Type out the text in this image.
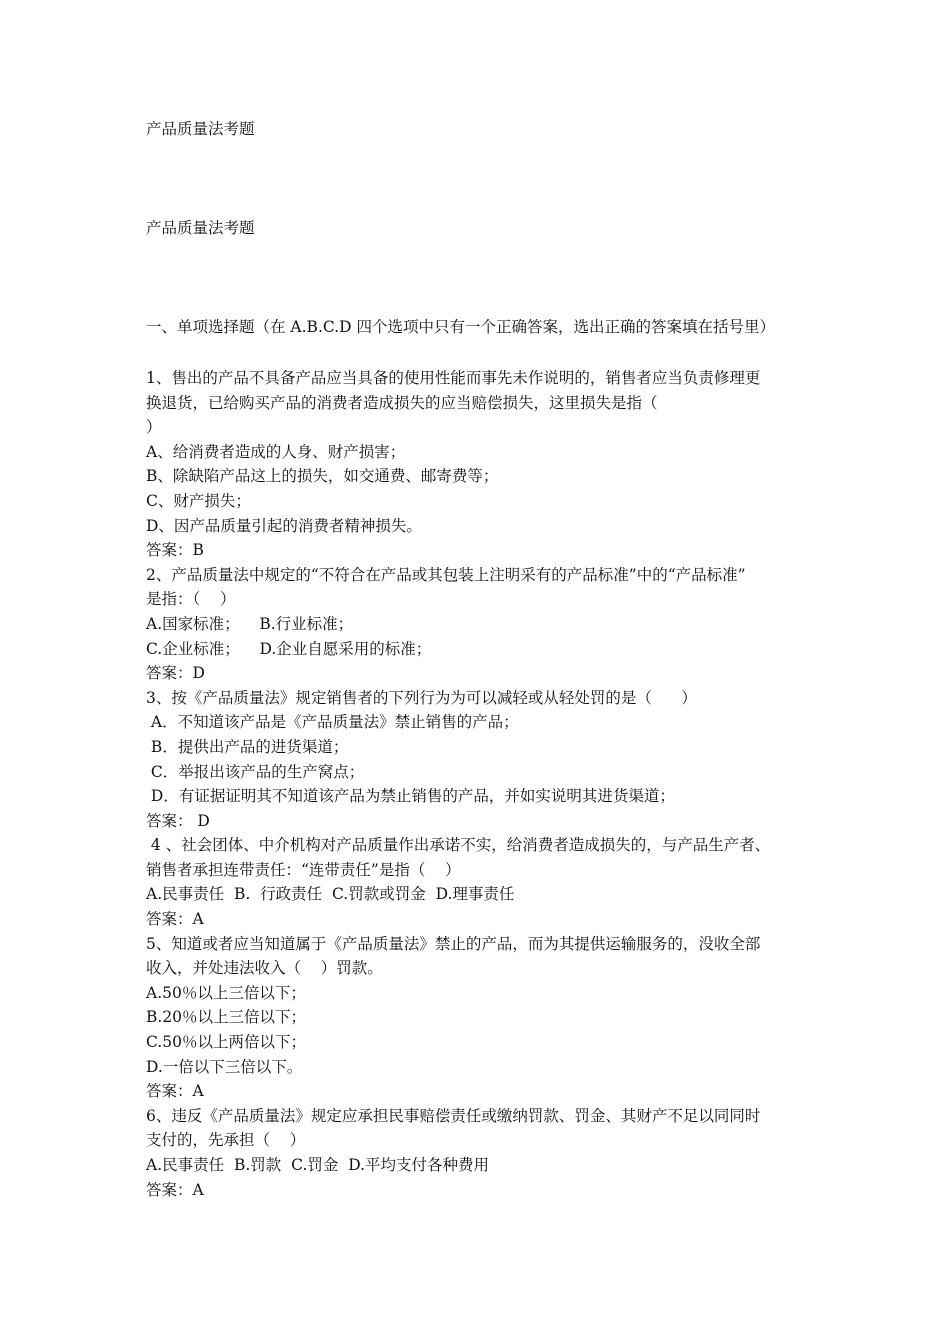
产品质量法考题
产品质量法考题
一、单项选择题（在 A.B.C.D 四个选项中只有一个正确答案，选出正确的答案填在括号里）
1、售出的产品不具备产品应当具备的使用性能而事先未作说明的，销售者应当负责修理更
换退货，已给购买产品的消费者造成损失的应当赔偿损失，这里损失是指（
）
A、给消费者造成的人身、财产损害；
B、除缺陷产品这上的损失，如交通费、邮寄费等；
C、财产损失；
D、因产品质量引起的消费者精神损失。
答案：B
2、产品质量法中规定的“不符合在产品或其包装上注明采有的产品标准”中的“产品标准”
是指：（    ）
A.国家标准；    B.行业标准；
C.企业标准；    D.企业自愿采用的标准；
答案：D
3、按《产品质量法》规定销售者的下列行为为可以减轻或从轻处罚的是（      ）
A．不知道该产品是《产品质量法》禁止销售的产品；
B．提供出产品的进货渠道；
C．举报出该产品的生产窝点；
D．有证据证明其不知道该产品为禁止销售的产品，并如实说明其进货渠道；
答案： D
4 、社会团体、中介机构对产品质量作出承诺不实，给消费者造成损失的，与产品生产者、
销售者承担连带责任：“连带责任”是指（    ）
A.民事责任  B.  行政责任  C.罚款或罚金  D.理事责任
答案：A
5、知道或者应当知道属于《产品质量法》禁止的产品，而为其提供运输服务的，没收全部
收入，并处违法收入（    ）罚款。
A.50％以上三倍以下；
B.20％以上三倍以下；
C.50％以上两倍以下；
D.一倍以下三倍以下。
答案：A
6、违反《产品质量法》规定应承担民事赔偿责任或缴纳罚款、罚金、其财产不足以同同时
支付的，先承担（    ）
A.民事责任  B.罚款  C.罚金  D.平均支付各种费用
答案：A
